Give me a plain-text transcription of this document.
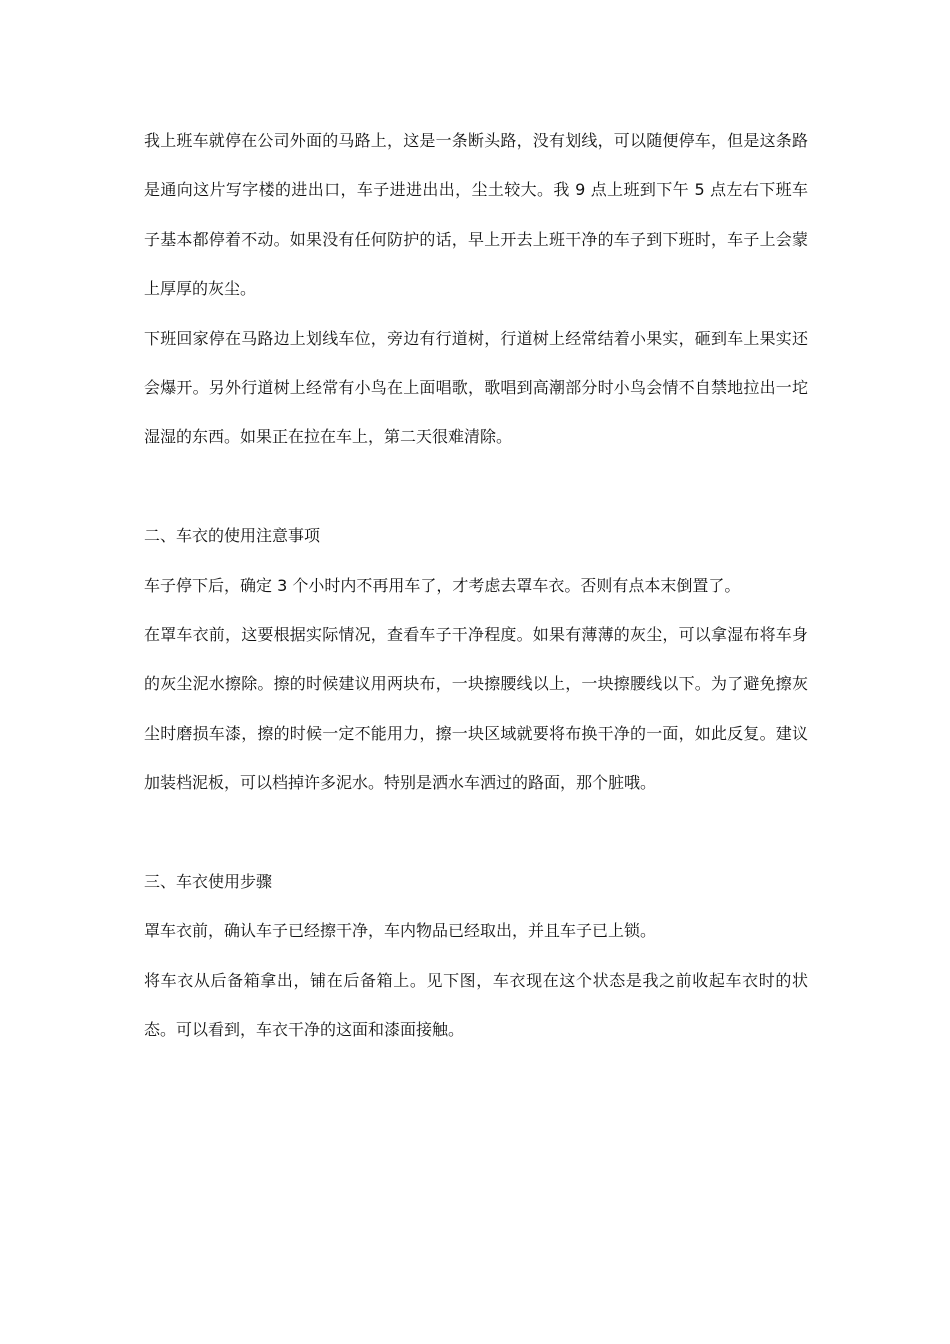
我上班车就停在公司外面的马路上，这是一条断头路，没有划线，可以随便停车，但是这条路是通向这片写字楼的进出口，车子进进出出，尘土较大。我 9 点上班到下午 5 点左右下班车子基本都停着不动。如果没有任何防护的话，早上开去上班干净的车子到下班时，车子上会蒙上厚厚的灰尘。

下班回家停在马路边上划线车位，旁边有行道树，行道树上经常结着小果实，砸到车上果实还会爆开。另外行道树上经常有小鸟在上面唱歌，歌唱到高潮部分时小鸟会情不自禁地拉出一坨湿湿的东西。如果正在拉在车上，第二天很难清除。

二、车衣的使用注意事项

车子停下后，确定 3 个小时内不再用车了，才考虑去罩车衣。否则有点本末倒置了。

在罩车衣前，这要根据实际情况，查看车子干净程度。如果有薄薄的灰尘，可以拿湿布将车身的灰尘泥水擦除。擦的时候建议用两块布，一块擦腰线以上，一块擦腰线以下。为了避免擦灰尘时磨损车漆，擦的时候一定不能用力，擦一块区域就要将布换干净的一面，如此反复。建议加装档泥板，可以档掉许多泥水。特别是洒水车洒过的路面，那个脏哦。

三、车衣使用步骤

罩车衣前，确认车子已经擦干净，车内物品已经取出，并且车子已上锁。

将车衣从后备箱拿出，铺在后备箱上。见下图，车衣现在这个状态是我之前收起车衣时的状态。可以看到，车衣干净的这面和漆面接触。
